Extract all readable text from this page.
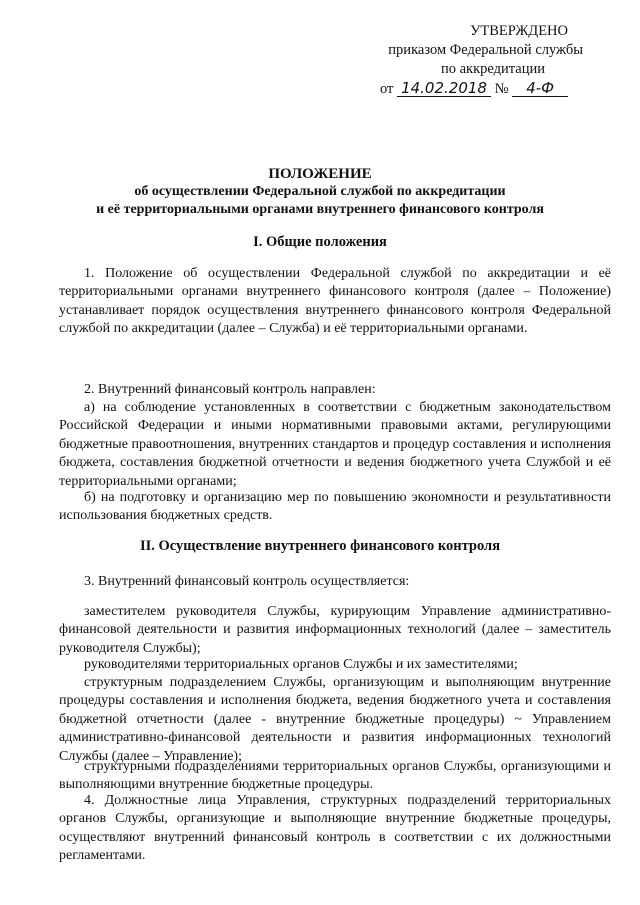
УТВЕРЖДЕНО
приказом Федеральной службы
по аккредитации
от 14.02.2018 № 4-Ф
ПОЛОЖЕНИЕ
об осуществлении Федеральной службой по аккредитации
и её территориальными органами внутреннего финансового контроля
I. Общие положения
1. Положение об осуществлении Федеральной службой по аккредитации и её территориальными органами внутреннего финансового контроля (далее – Положение) устанавливает порядок осуществления внутреннего финансового контроля Федеральной службой по аккредитации (далее – Служба) и её территориальными органами.
2. Внутренний финансовый контроль направлен:
а) на соблюдение установленных в соответствии с бюджетным законодательством Российской Федерации и иными нормативными правовыми актами, регулирующими бюджетные правоотношения, внутренних стандартов и процедур составления и исполнения бюджета, составления бюджетной отчетности и ведения бюджетного учета Службой и её территориальными органами;
б) на подготовку и организацию мер по повышению экономности и результативности использования бюджетных средств.
II. Осуществление внутреннего финансового контроля
3. Внутренний финансовый контроль осуществляется:
заместителем руководителя Службы, курирующим Управление административно-финансовой деятельности и развития информационных технологий (далее – заместитель руководителя Службы);
руководителями территориальных органов Службы и их заместителями;
структурным подразделением Службы, организующим и выполняющим внутренние процедуры составления и исполнения бюджета, ведения бюджетного учета и составления бюджетной отчетности (далее - внутренние бюджетные процедуры) ~ Управлением административно-финансовой деятельности и развития информационных технологий Службы (далее – Управление);
структурными подразделениями территориальных органов Службы, организующими и выполняющими внутренние бюджетные процедуры.
4. Должностные лица Управления, структурных подразделений территориальных органов Службы, организующие и выполняющие внутренние бюджетные процедуры, осуществляют внутренний финансовый контроль в соответствии с их должностными регламентами.
